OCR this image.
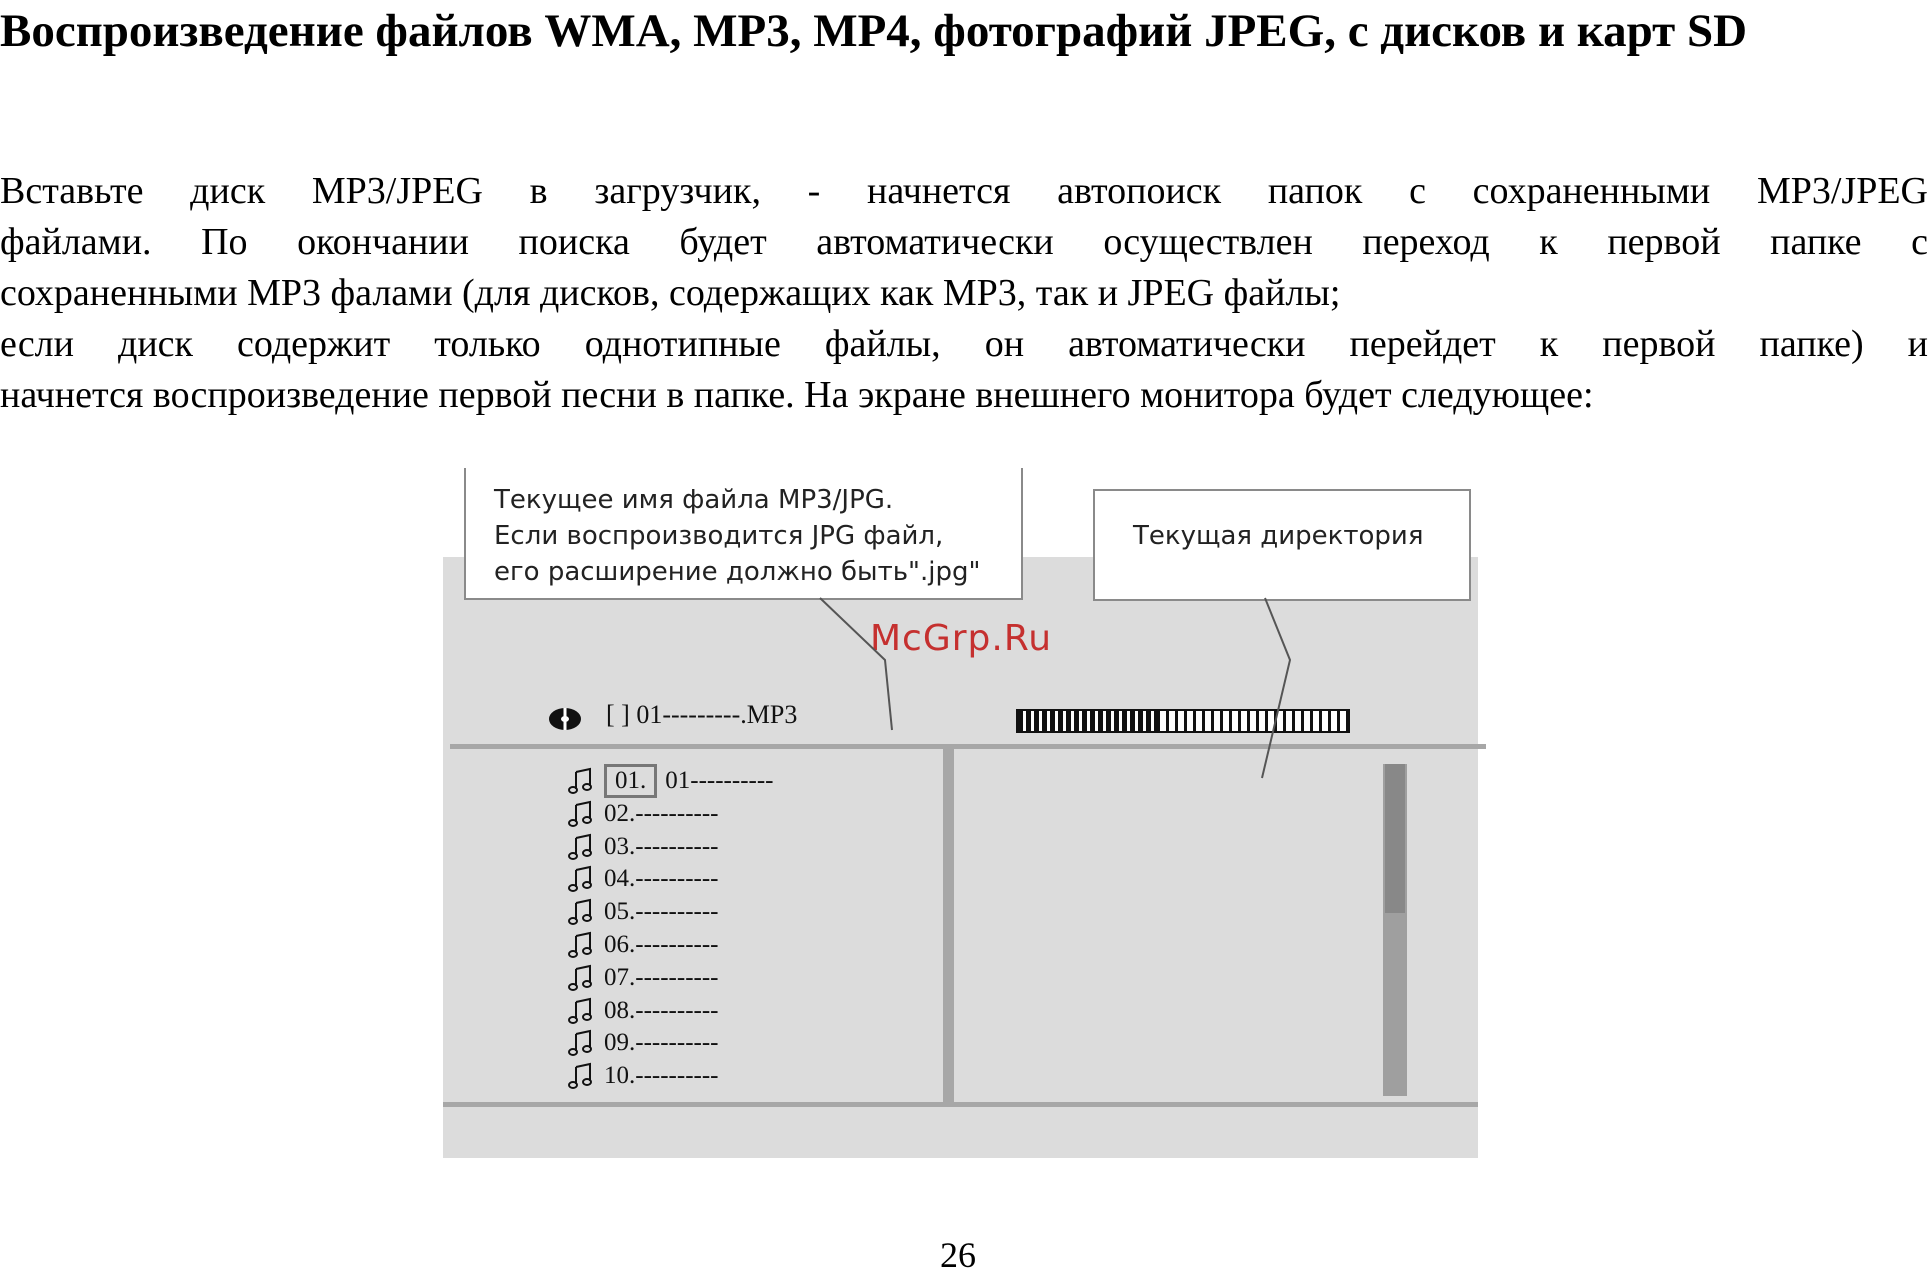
Воспроизведение файлов WMA, MP3, MP4, фотографий JPEG, с дисков и карт SD
Вставьте диск MP3/JPEG в загрузчик, - начнется автопоиск папок с сохраненными MP3/JPEG
файлами. По окончании поиска будет автоматически осуществлен переход к первой папке с
сохраненными MP3 фалами (для дисков, содержащих как MP3, так и JPEG файлы;
если диск содержит только однотипные файлы, он автоматически перейдет к первой папке) и
начнется воспроизведение первой песни в папке. На экране внешнего монитора будет следующее:
Текущее имя файла MP3/JPG.
Если воспроизводится JPG файл,
его расширение должно быть".jpg"
Текущая директория
McGrp.Ru
[ ] 01---------.MP3
01. 01----------
02.----------
03.----------
04.----------
05.----------
06.----------
07.----------
08.----------
09.----------
10.----------
26
